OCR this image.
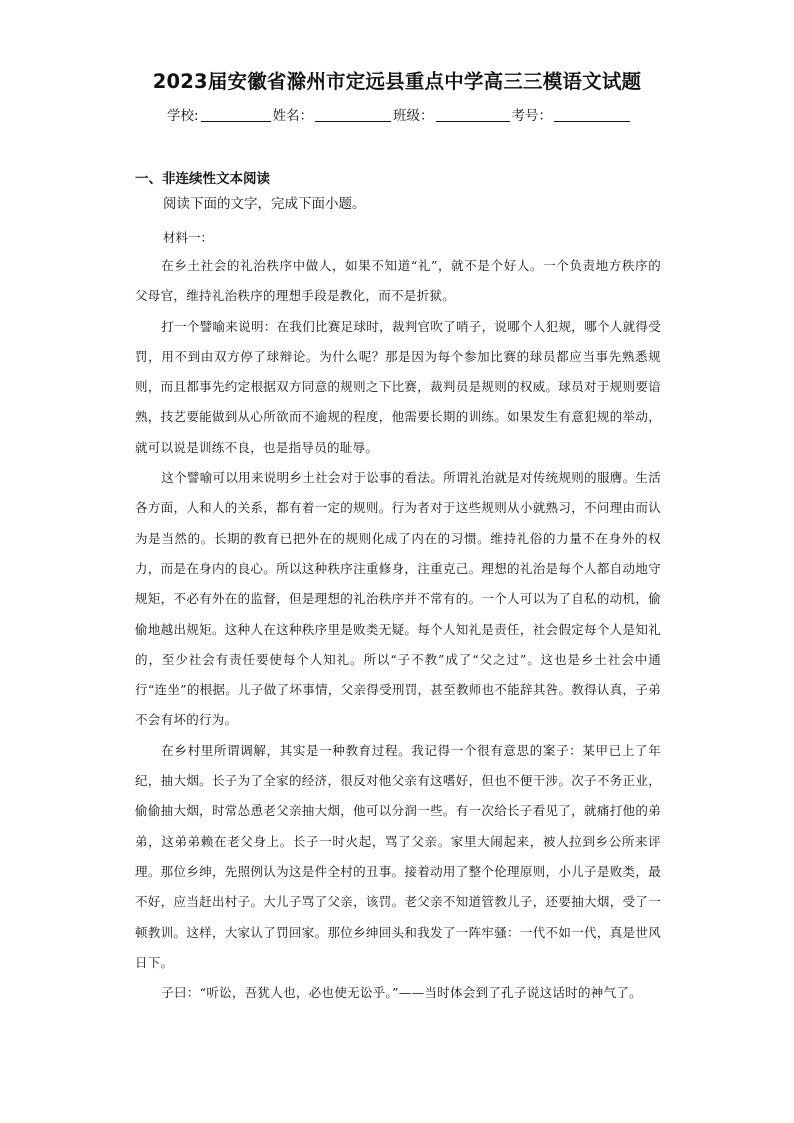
2023届安徽省滁州市定远县重点中学高三三模语文试题
学校:	姓名：	班级：	考号：
一、非连续性文本阅读
阅读下面的文字，完成下面小题。
材料一：

在乡土社会的礼治秩序中做人，如果不知道“礼”，就不是个好人。一个负责地方秩序的父母官，维持礼治秩序的理想手段是教化，而不是折狱。

打一个譬喻来说明：在我们比赛足球时，裁判官吹了哨子，说哪个人犯规，哪个人就得受罚，用不到由双方停了球辩论。为什么呢？那是因为每个参加比赛的球员都应当事先熟悉规则，而且都事先约定根据双方同意的规则之下比赛，裁判员是规则的权威。球员对于规则要谙熟，技艺要能做到从心所欲而不逾规的程度，他需要长期的训练。如果发生有意犯规的举动，就可以说是训练不良，也是指导员的耻辱。

这个譬喻可以用来说明乡土社会对于讼事的看法。所谓礼治就是对传统规则的服膺。生活各方面，人和人的关系，都有着一定的规则。行为者对于这些规则从小就熟习，不问理由而认为是当然的。长期的教育已把外在的规则化成了内在的习惯。维持礼俗的力量不在身外的权力，而是在身内的良心。所以这种秩序注重修身，注重克己。理想的礼治是每个人都自动地守规矩，不必有外在的监督，但是理想的礼治秩序并不常有的。一个人可以为了自私的动机，偷偷地越出规矩。这种人在这种秩序里是败类无疑。每个人知礼是责任，社会假定每个人是知礼的，至少社会有责任要使每个人知礼。所以“子不教”成了“父之过”。这也是乡土社会中通行“连坐”的根据。儿子做了坏事情，父亲得受刑罚，甚至教师也不能辞其咎。教得认真，子弟不会有坏的行为。

在乡村里所谓调解，其实是一种教育过程。我记得一个很有意思的案子：某甲已上了年纪，抽大烟。长子为了全家的经济，很反对他父亲有这嗜好，但也不便干涉。次子不务正业，偷偷抽大烟，时常怂恿老父亲抽大烟，他可以分润一些。有一次给长子看见了，就痛打他的弟弟，这弟弟赖在老父身上。长子一时火起，骂了父亲。家里大闹起来，被人拉到乡公所来评理。那位乡绅，先照例认为这是件全村的丑事。接着动用了整个伦理原则，小儿子是败类，最不好，应当赶出村子。大儿子骂了父亲，该罚。老父亲不知道管教儿子，还要抽大烟，受了一顿教训。这样，大家认了罚回家。那位乡绅回头和我发了一阵牢骚：一代不如一代，真是世风日下。

子曰：“听讼，吾犹人也，必也使无讼乎。”——当时体会到了孔子说这话时的神气了。
